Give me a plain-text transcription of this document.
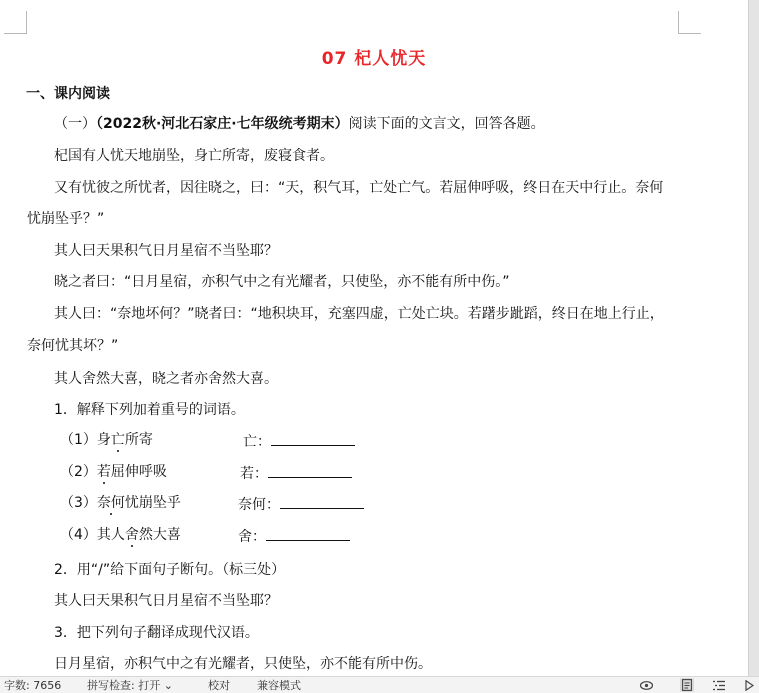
07 杞人忧天
一、课内阅读
（一）（2022秋·河北石家庄·七年级统考期末）阅读下面的文言文，回答各题。
杞国有人忧天地崩坠，身亡所寄，废寝食者。
又有忧彼之所忧者，因往晓之，曰：“天，积气耳，亡处亡气。若屈伸呼吸，终日在天中行止。奈何
忧崩坠乎？”
其人曰天果积气日月星宿不当坠耶？
晓之者曰：“日月星宿，亦积气中之有光耀者，只使坠，亦不能有所中伤。”
其人曰：“奈地坏何？”晓者曰：“地积块耳，充塞四虚，亡处亡块。若躇步跐蹈，终日在地上行止，
奈何忧其坏？”
其人舍然大喜，晓之者亦舍然大喜。
1．解释下列加着重号的词语。
（1）身亡所寄	亡：
（2）若屈伸呼吸	若：
（3）奈何忧崩坠乎	奈何：
（4）其人舍然大喜	舍：
2．用“/”给下面句子断句。（标三处）
其人曰天果积气日月星宿不当坠耶？
3．把下列句子翻译成现代汉语。
日月星宿，亦积气中之有光耀者，只使坠，亦不能有所中伤。
字数: 7656 拼写检查: 打开 ⌄	校对 兼容模式
